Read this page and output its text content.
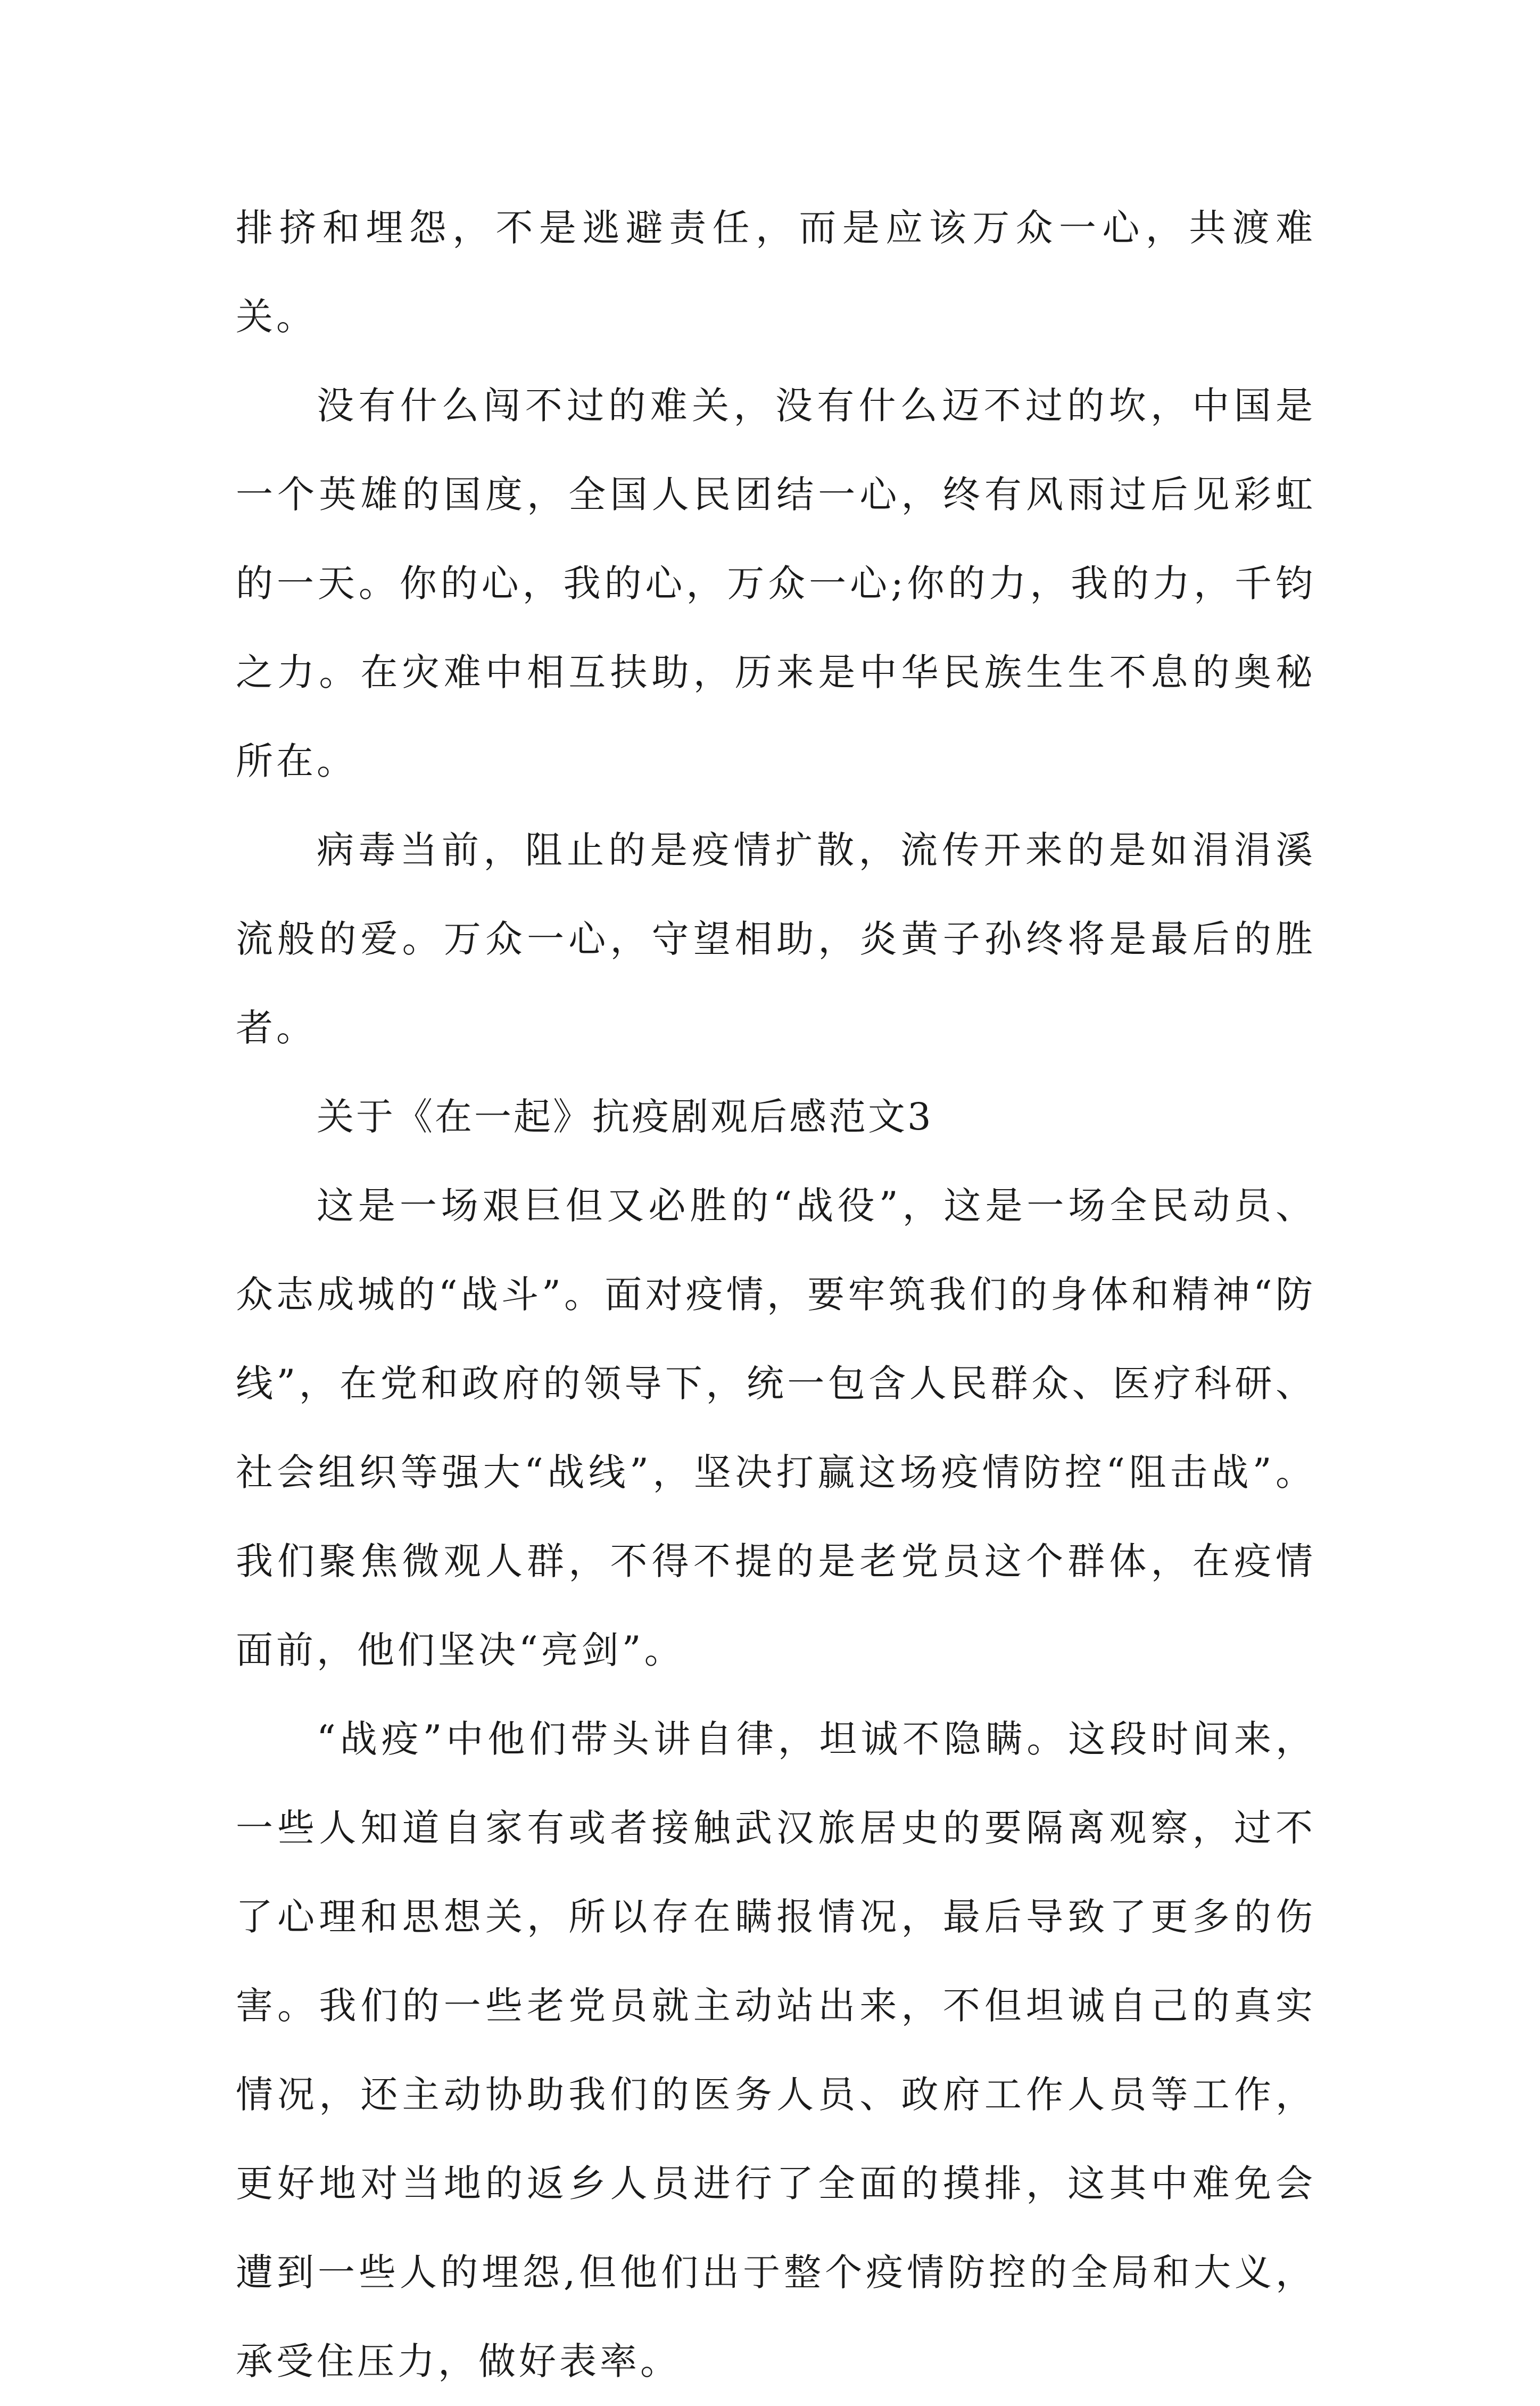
排挤和埋怨，不是逃避责任，而是应该万众一心，共渡难关。

没有什么闯不过的难关，没有什么迈不过的坎，中国是一个英雄的国度，全国人民团结一心，终有风雨过后见彩虹的一天。你的心，我的心，万众一心;你的力，我的力，千钧之力。在灾难中相互扶助，历来是中华民族生生不息的奥秘所在。

病毒当前，阻止的是疫情扩散，流传开来的是如涓涓溪流般的爱。万众一心，守望相助，炎黄子孙终将是最后的胜者。

关于《在一起》抗疫剧观后感范文3

这是一场艰巨但又必胜的“战役”，这是一场全民动员、众志成城的“战斗”。面对疫情，要牢筑我们的身体和精神“防线”，在党和政府的领导下，统一包含人民群众、医疗科研、社会组织等强大“战线”，坚决打赢这场疫情防控“阻击战”。我们聚焦微观人群，不得不提的是老党员这个群体，在疫情面前，他们坚决“亮剑”。

“战疫”中他们带头讲自律，坦诚不隐瞒。这段时间来，一些人知道自家有或者接触武汉旅居史的要隔离观察，过不了心理和思想关，所以存在瞒报情况，最后导致了更多的伤害。我们的一些老党员就主动站出来，不但坦诚自己的真实情况，还主动协助我们的医务人员、政府工作人员等工作，更好地对当地的返乡人员进行了全面的摸排，这其中难免会遭到一些人的埋怨,但他们出于整个疫情防控的全局和大义，承受住压力，做好表率。
